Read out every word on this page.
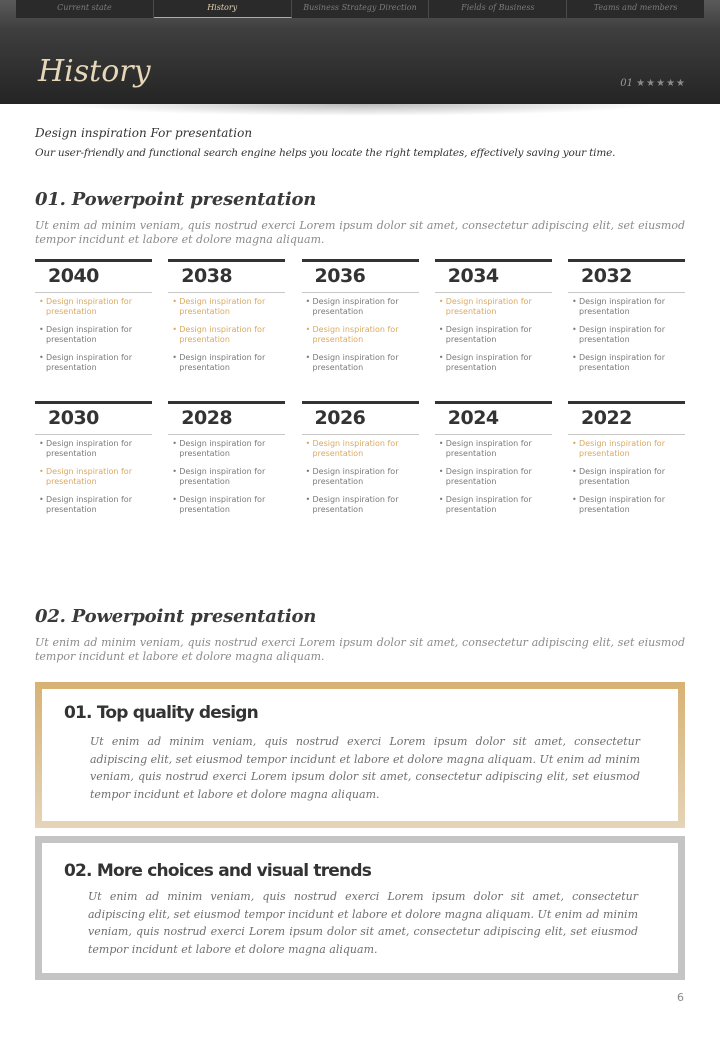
Current state	History	Business Strategy Direction	Fields of Business	Teams and members
History	01 ★★★★★
Design inspiration For presentation
Our user-friendly and functional search engine helps you locate the right templates, effectively saving your time.
01. Powerpoint presentation
Ut enim ad minim veniam, quis nostrud exerci Lorem ipsum dolor sit amet, consectetur adipiscing elit, set eiusmod tempor incidunt et labore et dolore magna aliquam.
2040
• Design inspiration for presentation
• Design inspiration for presentation
• Design inspiration for presentation
2038
• Design inspiration for presentation
• Design inspiration for presentation
• Design inspiration for presentation
2036
• Design inspiration for presentation
• Design inspiration for presentation
• Design inspiration for presentation
2034
• Design inspiration for presentation
• Design inspiration for presentation
• Design inspiration for presentation
2032
• Design inspiration for presentation
• Design inspiration for presentation
• Design inspiration for presentation
2030
• Design inspiration for presentation
• Design inspiration for presentation
• Design inspiration for presentation
2028
• Design inspiration for presentation
• Design inspiration for presentation
• Design inspiration for presentation
2026
• Design inspiration for presentation
• Design inspiration for presentation
• Design inspiration for presentation
2024
• Design inspiration for presentation
• Design inspiration for presentation
• Design inspiration for presentation
2022
• Design inspiration for presentation
• Design inspiration for presentation
• Design inspiration for presentation
02. Powerpoint presentation
Ut enim ad minim veniam, quis nostrud exerci Lorem ipsum dolor sit amet, consectetur adipiscing elit, set eiusmod tempor incidunt et labore et dolore magna aliquam.
01. Top quality design
Ut enim ad minim veniam, quis nostrud exerci Lorem ipsum dolor sit amet, consectetur adipiscing elit, set eiusmod tempor incidunt et labore et dolore magna aliquam. Ut enim ad minim veniam, quis nostrud exerci Lorem ipsum dolor sit amet, consectetur adipiscing elit, set eiusmod tempor incidunt et labore et dolore magna aliquam.
02. More choices and visual trends
Ut enim ad minim veniam, quis nostrud exerci Lorem ipsum dolor sit amet, consectetur adipiscing elit, set eiusmod tempor incidunt et labore et dolore magna aliquam. Ut enim ad minim veniam, quis nostrud exerci Lorem ipsum dolor sit amet, consectetur adipiscing elit, set eiusmod tempor incidunt et labore et dolore magna aliquam.
6
